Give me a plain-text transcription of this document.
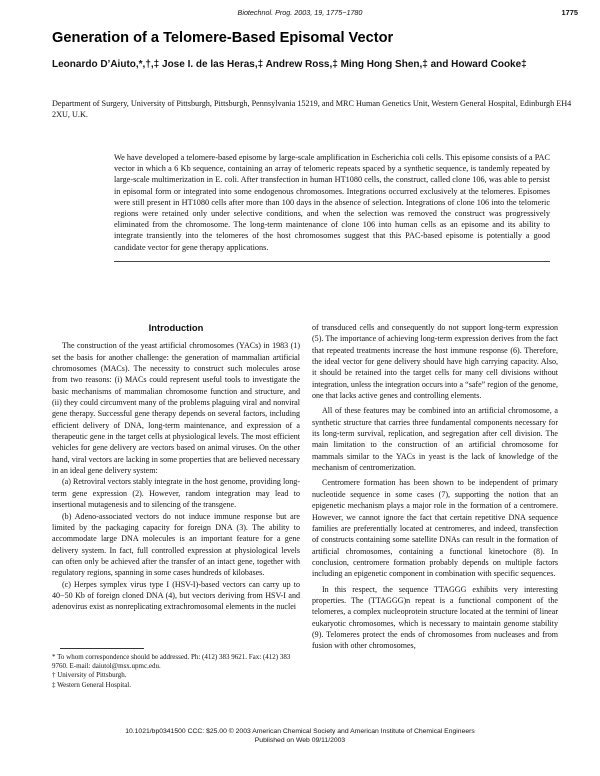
Biotechnol. Prog. 2003, 19, 1775−1780	1775
Generation of a Telomere-Based Episomal Vector
Leonardo D’Aiuto,*,†,‡ Jose I. de las Heras,‡ Andrew Ross,‡ Ming Hong Shen,‡ and Howard Cooke‡
Department of Surgery, University of Pittsburgh, Pittsburgh, Pennsylvania 15219, and MRC Human Genetics Unit, Western General Hospital, Edinburgh EH4 2XU, U.K.
We have developed a telomere-based episome by large-scale amplification in Escherichia coli cells. This episome consists of a PAC vector in which a 6 Kb sequence, containing an array of telomeric repeats spaced by a synthetic sequence, is tandemly repeated by large-scale multimerization in E. coli. After transfection in human HT1080 cells, the construct, called clone 106, was able to persist in episomal form or integrated into some endogenous chromosomes. Integrations occurred exclusively at the telomeres. Episomes were still present in HT1080 cells after more than 100 days in the absence of selection. Integrations of clone 106 into the telomeric regions were retained only under selective conditions, and when the selection was removed the construct was progressively eliminated from the chromosome. The long-term maintenance of clone 106 into human cells as an episome and its ability to integrate transiently into the telomeres of the host chromosomes suggest that this PAC-based episome is potentially a good candidate vector for gene therapy applications.
Introduction

The construction of the yeast artificial chromosomes (YACs) in 1983 (1) set the basis for another challenge: the generation of mammalian artificial chromosomes (MACs). The necessity to construct such molecules arose from two reasons: (i) MACs could represent useful tools to investigate the basic mechanisms of mammalian chromosome function and structure, and (ii) they could circumvent many of the problems plaguing viral and nonviral gene therapy. Successful gene therapy depends on several factors, including efficient delivery of DNA, long-term maintenance, and expression of a therapeutic gene in the target cells at physiological levels. The most efficient vehicles for gene delivery are vectors based on animal viruses. On the other hand, viral vectors are lacking in some properties that are believed necessary in an ideal gene delivery system:

(a) Retroviral vectors stably integrate in the host genome, providing long-term gene expression (2). However, random integration may lead to insertional mutagenesis and to silencing of the transgene.

(b) Adeno-associated vectors do not induce immune response but are limited by the packaging capacity for foreign DNA (3). The ability to accommodate large DNA molecules is an important feature for a gene delivery system. In fact, full controlled expression at physiological levels can often only be achieved after the transfer of an intact gene, together with regulatory regions, spanning in some cases hundreds of kilobases.

(c) Herpes symplex virus type I (HSV-I)-based vectors can carry up to 40−50 Kb of foreign cloned DNA (4), but vectors deriving from HSV-I and adenovirus exist as nonreplicating extrachromosomal elements in the nuclei

of transduced cells and consequently do not support long-term expression (5). The importance of achieving long-term expression derives from the fact that repeated treatments increase the host immune response (6). Therefore, the ideal vector for gene delivery should have high carrying capacity. Also, it should be retained into the target cells for many cell divisions without integration, unless the integration occurs into a “safe” region of the genome, one that lacks active genes and controlling elements.

All of these features may be combined into an artificial chromosome, a synthetic structure that carries three fundamental components necessary for its long-term survival, replication, and segregation after cell division. The main limitation to the construction of an artificial chromosome for mammals similar to the YACs in yeast is the lack of knowledge of the mechanism of centromerization.

Centromere formation has been shown to be independent of primary nucleotide sequence in some cases (7), supporting the notion that an epigenetic mechanism plays a major role in the formation of a centromere. However, we cannot ignore the fact that certain repetitive DNA sequence families are preferentially located at centromeres, and indeed, transfection of constructs containing some satellite DNAs can result in the formation of artificial chromosomes, containing a functional kinetochore (8). In conclusion, centromere formation probably depends on multiple factors including an epigenetic component in combination with specific sequences.

In this respect, the sequence TTAGGG exhibits very interesting properties. The (TTAGGG)n repeat is a functional component of the telomeres, a complex nucleoprotein structure located at the termini of linear eukaryotic chromosomes, which is necessary to maintain genome stability (9). Telomeres protect the ends of chromosomes from nucleases and from fusion with other chromosomes,

* To whom correspondence should be addressed. Ph: (412) 383 9621. Fax: (412) 383 9760. E-mail: daiutol@msx.upmc.edu.

† University of Pittsburgh.

‡ Western General Hospital.

10.1021/bp0341500 CCC: $25.00 © 2003 American Chemical Society and American Institute of Chemical Engineers
Published on Web 09/11/2003
